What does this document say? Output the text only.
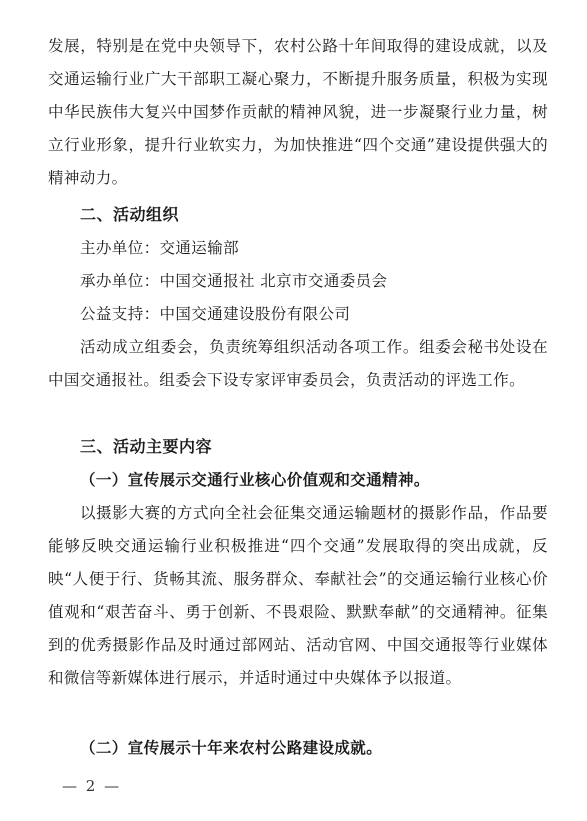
发展，特别是在党中央领导下，农村公路十年间取得的建设成就，以及交通运输行业广大干部职工凝心聚力，不断提升服务质量，积极为实现中华民族伟大复兴中国梦作贡献的精神风貌，进一步凝聚行业力量，树立行业形象，提升行业软实力，为加快推进“四个交通”建设提供强大的精神动力。

二、活动组织
主办单位：交通运输部
承办单位：中国交通报社 北京市交通委员会
公益支持：中国交通建设股份有限公司

活动成立组委会，负责统筹组织活动各项工作。组委会秘书处设在中国交通报社。组委会下设专家评审委员会，负责活动的评选工作。

三、活动主要内容
（一）宣传展示交通行业核心价值观和交通精神。

以摄影大赛的方式向全社会征集交通运输题材的摄影作品，作品要能够反映交通运输行业积极推进“四个交通”发展取得的突出成就，反映“人便于行、货畅其流、服务群众、奉献社会”的交通运输行业核心价值观和“艰苦奋斗、勇于创新、不畏艰险、默默奉献”的交通精神。征集到的优秀摄影作品及时通过部网站、活动官网、中国交通报等行业媒体和微信等新媒体进行展示，并适时通过中央媒体予以报道。

（二）宣传展示十年来农村公路建设成就。
— 2 —
